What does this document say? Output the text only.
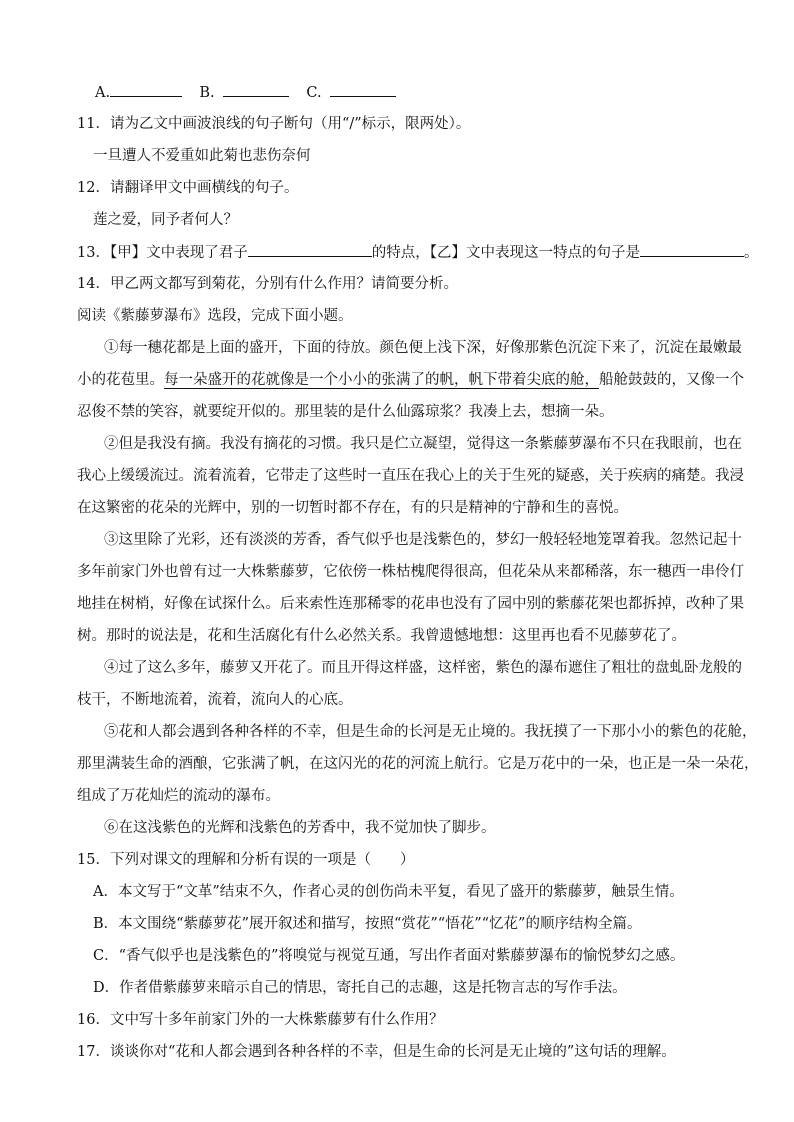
A.	B.	C.
11．请为乙文中画波浪线的句子断句（用“/”标示，限两处）。
一旦遭人不爱重如此菊也悲伤奈何
12．请翻译甲文中画横线的句子。
莲之爱，同予者何人？
13．【甲】文中表现了君子	的特点，【乙】文中表现这一特点的句子是	。
14．甲乙两文都写到菊花，分别有什么作用？请简要分析。
阅读《紫藤萝瀑布》选段，完成下面小题。
①每一穗花都是上面的盛开，下面的待放。颜色便上浅下深，好像那紫色沉淀下来了，沉淀在最嫩最
小的花苞里。每一朵盛开的花就像是一个小小的张满了的帆，帆下带着尖底的舱，船舱鼓鼓的，又像一个
忍俊不禁的笑容，就要绽开似的。那里装的是什么仙露琼浆？我凑上去，想摘一朵。
②但是我没有摘。我没有摘花的习惯。我只是伫立凝望，觉得这一条紫藤萝瀑布不只在我眼前，也在
我心上缓缓流过。流着流着，它带走了这些时一直压在我心上的关于生死的疑惑，关于疾病的痛楚。我浸
在这繁密的花朵的光辉中，别的一切暂时都不存在，有的只是精神的宁静和生的喜悦。
③这里除了光彩，还有淡淡的芳香，香气似乎也是浅紫色的，梦幻一般轻轻地笼罩着我。忽然记起十
多年前家门外也曾有过一大株紫藤萝，它依傍一株枯槐爬得很高，但花朵从来都稀落，东一穗西一串伶仃
地挂在树梢，好像在试探什么。后来索性连那稀零的花串也没有了园中别的紫藤花架也都拆掉，改种了果
树。那时的说法是，花和生活腐化有什么必然关系。我曾遗憾地想：这里再也看不见藤萝花了。
④过了这么多年，藤萝又开花了。而且开得这样盛，这样密，紫色的瀑布遮住了粗壮的盘虬卧龙般的
枝干，不断地流着，流着，流向人的心底。
⑤花和人都会遇到各种各样的不幸，但是生命的长河是无止境的。我抚摸了一下那小小的紫色的花舱，
那里满装生命的酒酿，它张满了帆，在这闪光的花的河流上航行。它是万花中的一朵，也正是一朵一朵花，
组成了万花灿烂的流动的瀑布。
⑥在这浅紫色的光辉和浅紫色的芳香中，我不觉加快了脚步。
15．下列对课文的理解和分析有误的一项是（　　）
A．本文写于“文革”结束不久，作者心灵的创伤尚未平复，看见了盛开的紫藤萝，触景生情。
B．本文围绕“紫藤萝花”展开叙述和描写，按照“赏花”“悟花”“忆花”的顺序结构全篇。
C．“香气似乎也是浅紫色的”将嗅觉与视觉互通，写出作者面对紫藤萝瀑布的愉悦梦幻之感。
D．作者借紫藤萝来暗示自己的情思，寄托自己的志趣，这是托物言志的写作手法。
16．文中写十多年前家门外的一大株紫藤萝有什么作用？
17．谈谈你对“花和人都会遇到各种各样的不幸，但是生命的长河是无止境的”这句话的理解。
